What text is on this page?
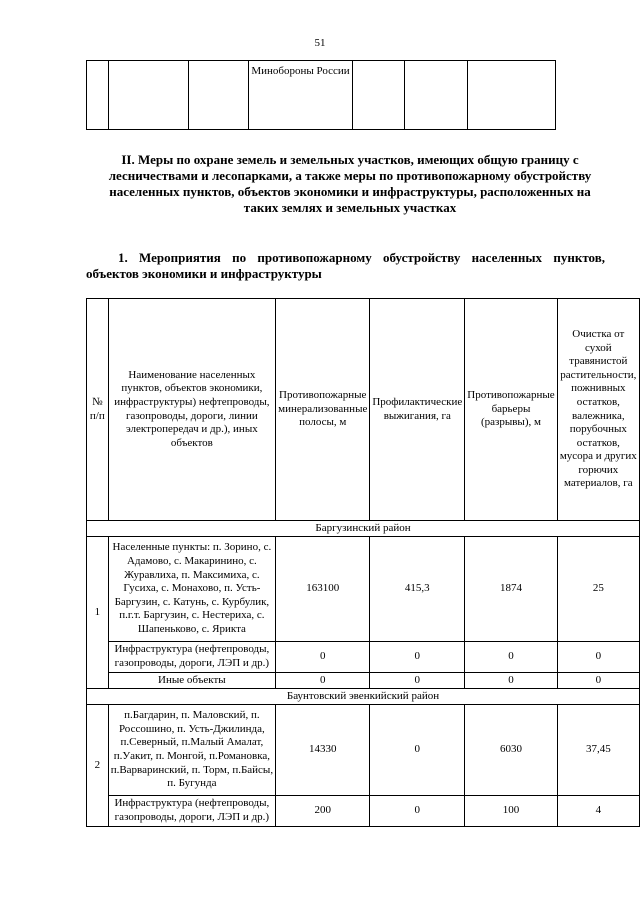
51
			Минобороны России			
II. Меры по охране земель и земельных участков, имеющих общую границу с лесничествами и лесопарками, а также меры по противопожарному обустройству населенных пунктов, объектов экономики и инфраструктуры, расположенных на таких землях и земельных участках
1. Мероприятия по противопожарному обустройству населенных пунктов, объектов экономики и инфраструктуры
№ п/п	Наименование населенных пунктов, объектов экономики, инфраструктуры) нефтепроводы, газопроводы, дороги, линии электропередач и др.), иных объектов	Противопожарные минерализованные полосы, м	Профилактические выжигания, га	Противопожарные барьеры (разрывы), м	Очистка от сухой травянистой растительности, пожнивных остатков, валежника, порубочных остатков, мусора и других горючих материалов, га
Баргузинский район					
1	Населенные пункты: п. Зорино, с. Адамово, с. Макаринино, с. Журавлиха, п. Максимиха, с. Гусиха, с. Монахово, п. Усть-Баргузин, с. Катунь, с. Курбулик, п.г.т. Баргузин, с. Нестериха, с. Шапеньково, с. Ярикта	163100	415,3	1874	25
	Инфраструктура (нефтепроводы, газопроводы, дороги, ЛЭП и др.)	0	0	0	0
	Иные объекты	0	0	0	0
Баунтовский эвенкийский район					
2	п.Багдарин, п. Маловский, п. Россошино, п. Усть-Джилинда, п.Северный, п.Малый Амалат, п.Уакит, п. Монгой, п.Романовка, п.Варваринский, п. Торм, п.Байсы, п. Бугунда	14330	0	6030	37,45
	Инфраструктура (нефтепроводы, газопроводы, дороги, ЛЭП и др.)	200	0	100	4
